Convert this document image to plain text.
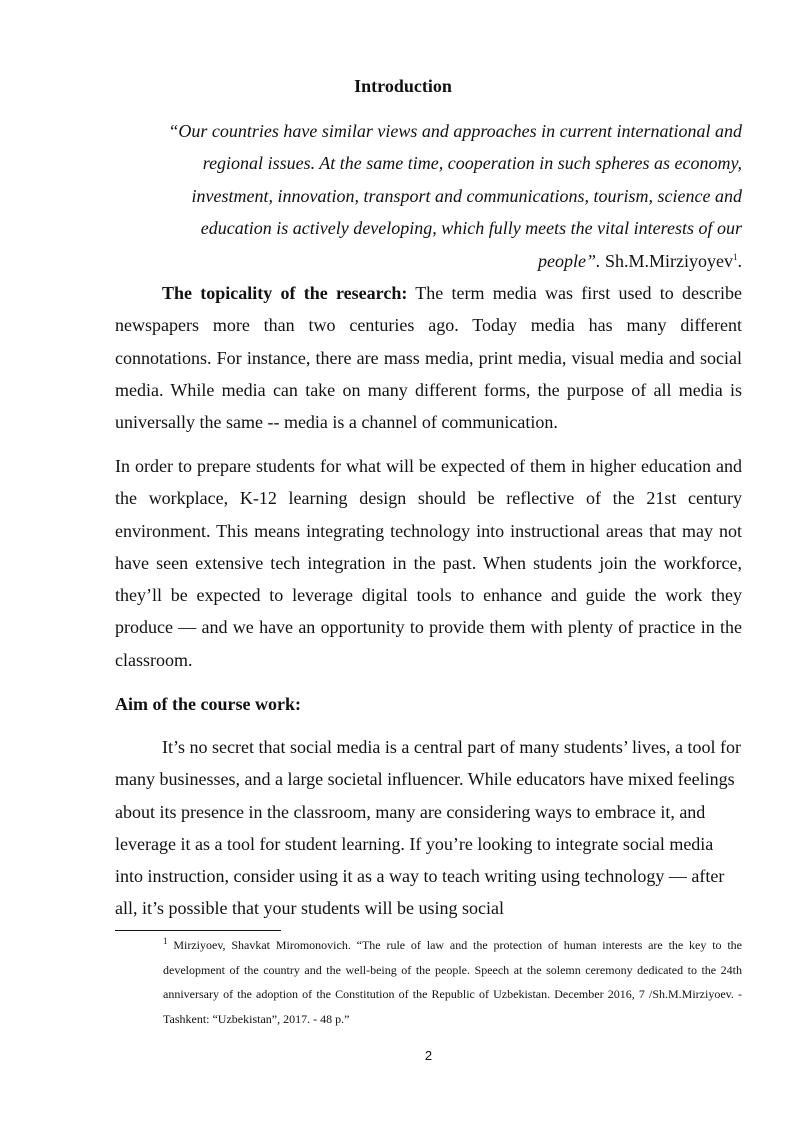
Introduction

“Our countries have similar views and approaches in current international and regional issues. At the same time, cooperation in such spheres as economy, investment, innovation, transport and communications, tourism, science and education is actively developing, which fully meets the vital interests of our people”. Sh.M.Mirziyoyev$^1$.

The topicality of the research: The term media was first used to describe newspapers more than two centuries ago. Today media has many different connotations. For instance, there are mass media, print media, visual media and social media. While media can take on many different forms, the purpose of all media is universally the same -- media is a channel of communication.

In order to prepare students for what will be expected of them in higher education and the workplace, K-12 learning design should be reflective of the 21st century environment. This means integrating technology into instructional areas that may not have seen extensive tech integration in the past. When students join the workforce, they’ll be expected to leverage digital tools to enhance and guide the work they produce — and we have an opportunity to provide them with plenty of practice in the classroom.

Aim of the course work:

It’s no secret that social media is a central part of many students’ lives, a tool for many businesses, and a large societal influencer. While educators have mixed feelings about its presence in the classroom, many are considering ways to embrace it, and leverage it as a tool for student learning. If you’re looking to integrate social media into instruction, consider using it as a way to teach writing using technology — after all, it’s possible that your students will be using social

$^1$ Mirziyoev, Shavkat Miromonovich. “The rule of law and the protection of human interests are the key to the development of the country and the well-being of the people. Speech at the solemn ceremony dedicated to the 24th anniversary of the adoption of the Constitution of the Republic of Uzbekistan. December 2016, 7 /Sh.M.Mirziyoev. - Tashkent: “Uzbekistan”, 2017. - 48 p.”

2
